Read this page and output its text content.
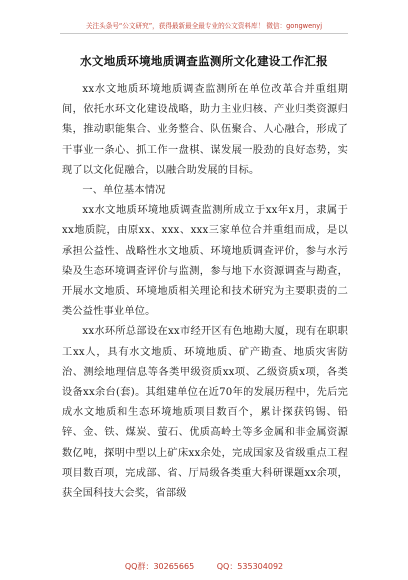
关注头条号“公文研究”，获得最新最全最专业的公文资料库！ 微信：gongwenyj
水文地质环境地质调查监测所文化建设工作汇报

xx水文地质环境地质调查监测所在单位改革合并重组期间，依托水环文化建设战略，助力主业归核、产业归类资源归集，推动职能集合、业务整合、队伍聚合、人心融合，形成了干事业一条心、抓工作一盘棋、谋发展一股劲的良好态势，实现了以文化促融合，以融合助发展的目标。

一、单位基本情况

xx水文地质环境地质调查监测所成立于xx年x月，隶属于xx地质院，由原xx、xxx、xxx三家单位合并重组而成，是以承担公益性、战略性水文地质、环境地质调查评价，参与水污染及生态环境调查评价与监测，参与地下水资源调查与勘查，开展水文地质、环境地质相关理论和技术研究为主要职责的二类公益性事业单位。

xx水环所总部设在xx市经开区有色地勘大厦，现有在职职工xx人，具有水文地质、环境地质、矿产勘查、地质灾害防治、测绘地理信息等各类甲级资质xx项、乙级资质x项，各类设备xx余台(套)。其组建单位在近70年的发展历程中，先后完成水文地质和生态环境地质项目数百个，累计探获钨锡、铅锌、金、铁、煤炭、萤石、优质高岭土等多金属和非金属资源数亿吨，探明中型以上矿床xx余处，完成国家及省级重点工程项目数百项，完成部、省、厅局级各类重大科研课题xx余项，获全国科技大会奖，省部级

QQ群：30265665	QQ：535304092
